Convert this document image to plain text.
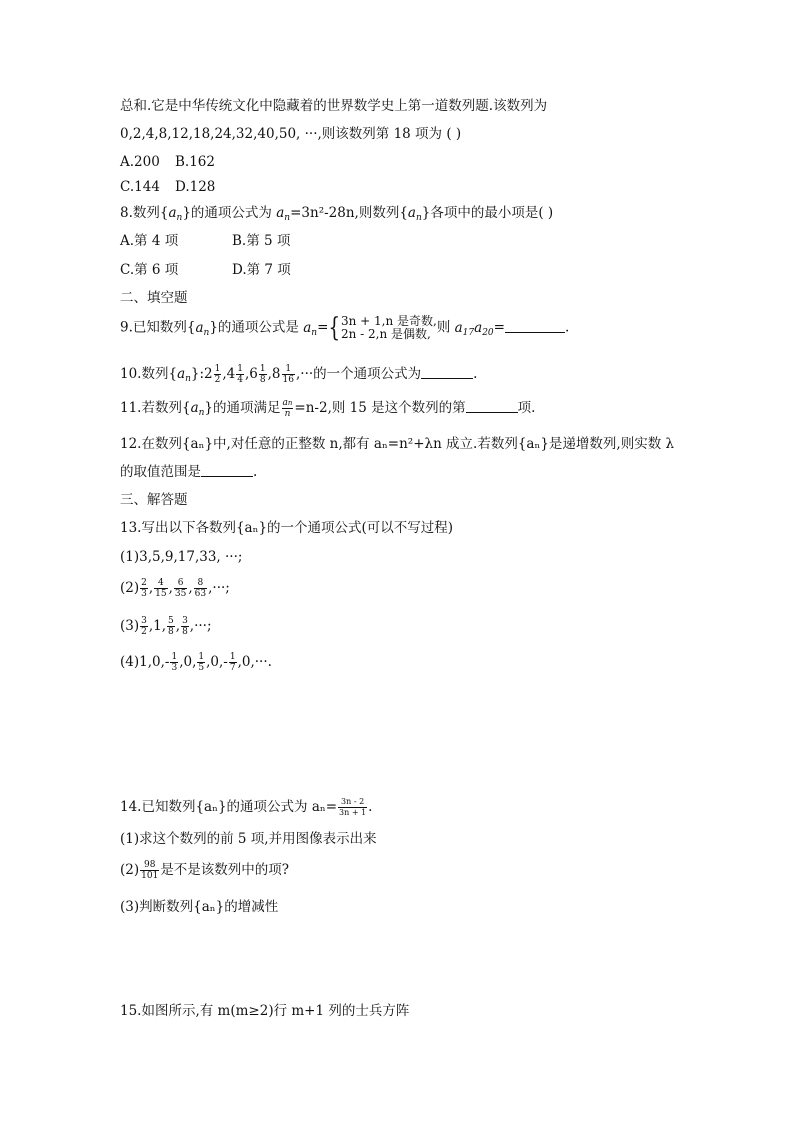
总和.它是中华传统文化中隐藏着的世界数学史上第一道数列题.该数列为
0,2,4,8,12,18,24,32,40,50, ···,则该数列第 18 项为 ( )
A.200 B.162
C.144 D.128
8.数列$\{a_n\}$的通项公式为 $a_n=3n^2-28n$,则数列$\{a_n\}$各项中的最小项是( )
A.第 4 项	B.第 5 项
C.第 6 项	D.第 7 项
二、填空题
9.已知数列$\{a_n\}$的通项公式是 $a_n=${ 3n + 1,n 是奇数,
2n - 2,n 是偶数, 则 $a_{17}a_{20}=$	.
10.数列$\{a_n\}:2 \frac{1}{2} ,4 \frac{1}{4} ,6 \frac{1}{8} ,8 \frac{1}{16}$ ,···的一个通项公式为	.
11.若数列$\{a_n\}$的通项满足 $\frac{an}{n} =n-2$,则 15 是这个数列的第	项.
12.在数列{aₙ}中,对任意的正整数 n,都有 aₙ=n²+λn 成立.若数列{aₙ}是递增数列,则实数 λ
的取值范围是	.
三、解答题
13.写出以下各数列{aₙ}的一个通项公式(可以不写过程)
(1)3,5,9,17,33, ···;
$(2) \frac{2}{3}$ , $\frac{4}{15}$ , $\frac{6}{35}$ , $\frac{8}{63}$ ,···;
$(3) \frac{3}{2} ,1$, $\frac{5}{8}$ , $\frac{3}{8}$ ,···;
$(4)1,0,- \frac{1}{3} ,0$, $\frac{1}{5} ,0,- \frac{1}{7} ,0,\cdot\cdot\cdot$.
14.已知数列{aₙ}的通项公式为 $a_n= \frac{3n - 2}{3n + 1}$ .
(1)求这个数列的前 5 项,并用图像表示出来
$(2) \frac{98}{101}$ 是不是该数列中的项?
(3)判断数列{aₙ}的增减性
15.如图所示,有 m(m≥2)行 m+1 列的士兵方阵
